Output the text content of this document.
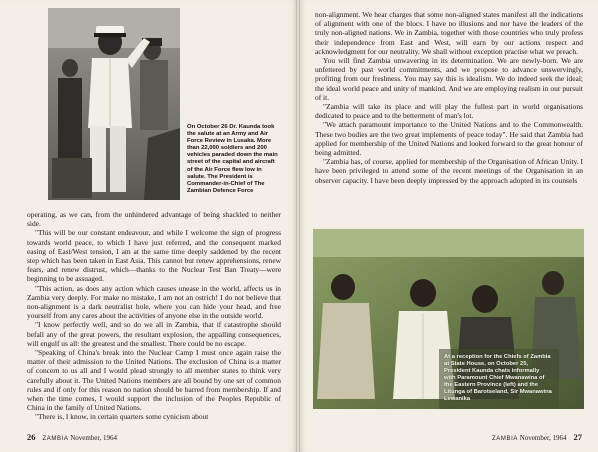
On October 26 Dr. Kaunda took the salute at an Army and Air Force Review in Lusaka. More than 22,000 soldiers and 200 vehicles paraded down the main street of the capital and aircraft of the Air Force flew low in salute. The President is Commander-in-Chief of The Zambian Defence Force

operating, as we can, from the unhindered advantage of being shackled to neither side.

"This will be our constant endeavour, and while I welcome the sign of progress towards world peace, to which I have just referred, and the consequent marked easing of East/West tension, I am at the same time deeply saddened by the recent step which has been taken in East Asia. This cannot but renew apprehensions, renew fears, and renew distrust, which—thanks to the Nuclear Test Ban Treaty—were beginning to be assuaged.

"This action, as does any action which causes unease in the world, affects us in Zambia very deeply. For make no mistake, I am not an ostrich! I do not believe that non-alignment is a dark neutralist hole, where you can hide your head, and free yourself from any cares about the activities of anyone else in the outside world.

"I know perfectly well, and so do we all in Zambia, that if catastrophe should befall any of the great powers, the resultant explosion, the appalling consequences, will engulf us all: the greatest and the smallest. There could be no escape.

"Speaking of China's break into the Nuclear Camp I must once again raise the matter of their admission to the United Nations. The exclusion of China is a matter of concern to us all and I would plead strongly to all member states to think very carefully about it. The United Nations members are all bound by one set of common rules and if only for this reason no nation should be barred from membership. If and when the time comes, I would support the inclusion of the Peoples Republic of China in the family of United Nations.

"There is, I know, in certain quarters some cynicism about

26 ZAMBIA November, 1964

non-alignment. We hear charges that some non-aligned states manifest all the indications of alignment with one of the blocs. I have no illusions and nor have the leaders of the truly non-aligned nations. We in Zambia, together with those countries who truly profess their independence from East and West, will earn by our actions respect and acknowledgment for our neutrality. We shall without exception practise what we preach.

You will find Zambia unwavering in its determination. We are newly-born. We are unfettered by past world commitments, and we propose to advance unswervingly, profiting from our freshness. You may say this is idealism. We do indeed seek the ideal; the ideal world peace and unity of mankind. And we are employing realism in our pursuit of it.

"Zambia will take its place and will play the fullest part in world organisations dedicated to peace and to the betterment of man's lot.

"We attach paramount importance to the United Nations and to the Commonwealth. These two bodies are the two great implements of peace today". He said that Zambia had applied for membership of the United Nations and looked forward to the great honour of being admitted.

"Zambia has, of course, applied for membership of the Organisation of African Unity. I have been privileged to attend some of the recent meetings of the Organisation in an observer capacity. I have been deeply impressed by the approach adopted in its counsels

At a reception for the Chiefs of Zambia at State House, on October 25, President Kaunda chats informally with Paramount Chief Mwanawina of the Eastern Province (left) and the Litunga of Barotseland, Sir Mwanawina Lewanika
ZAMBIA November, 1964 27
